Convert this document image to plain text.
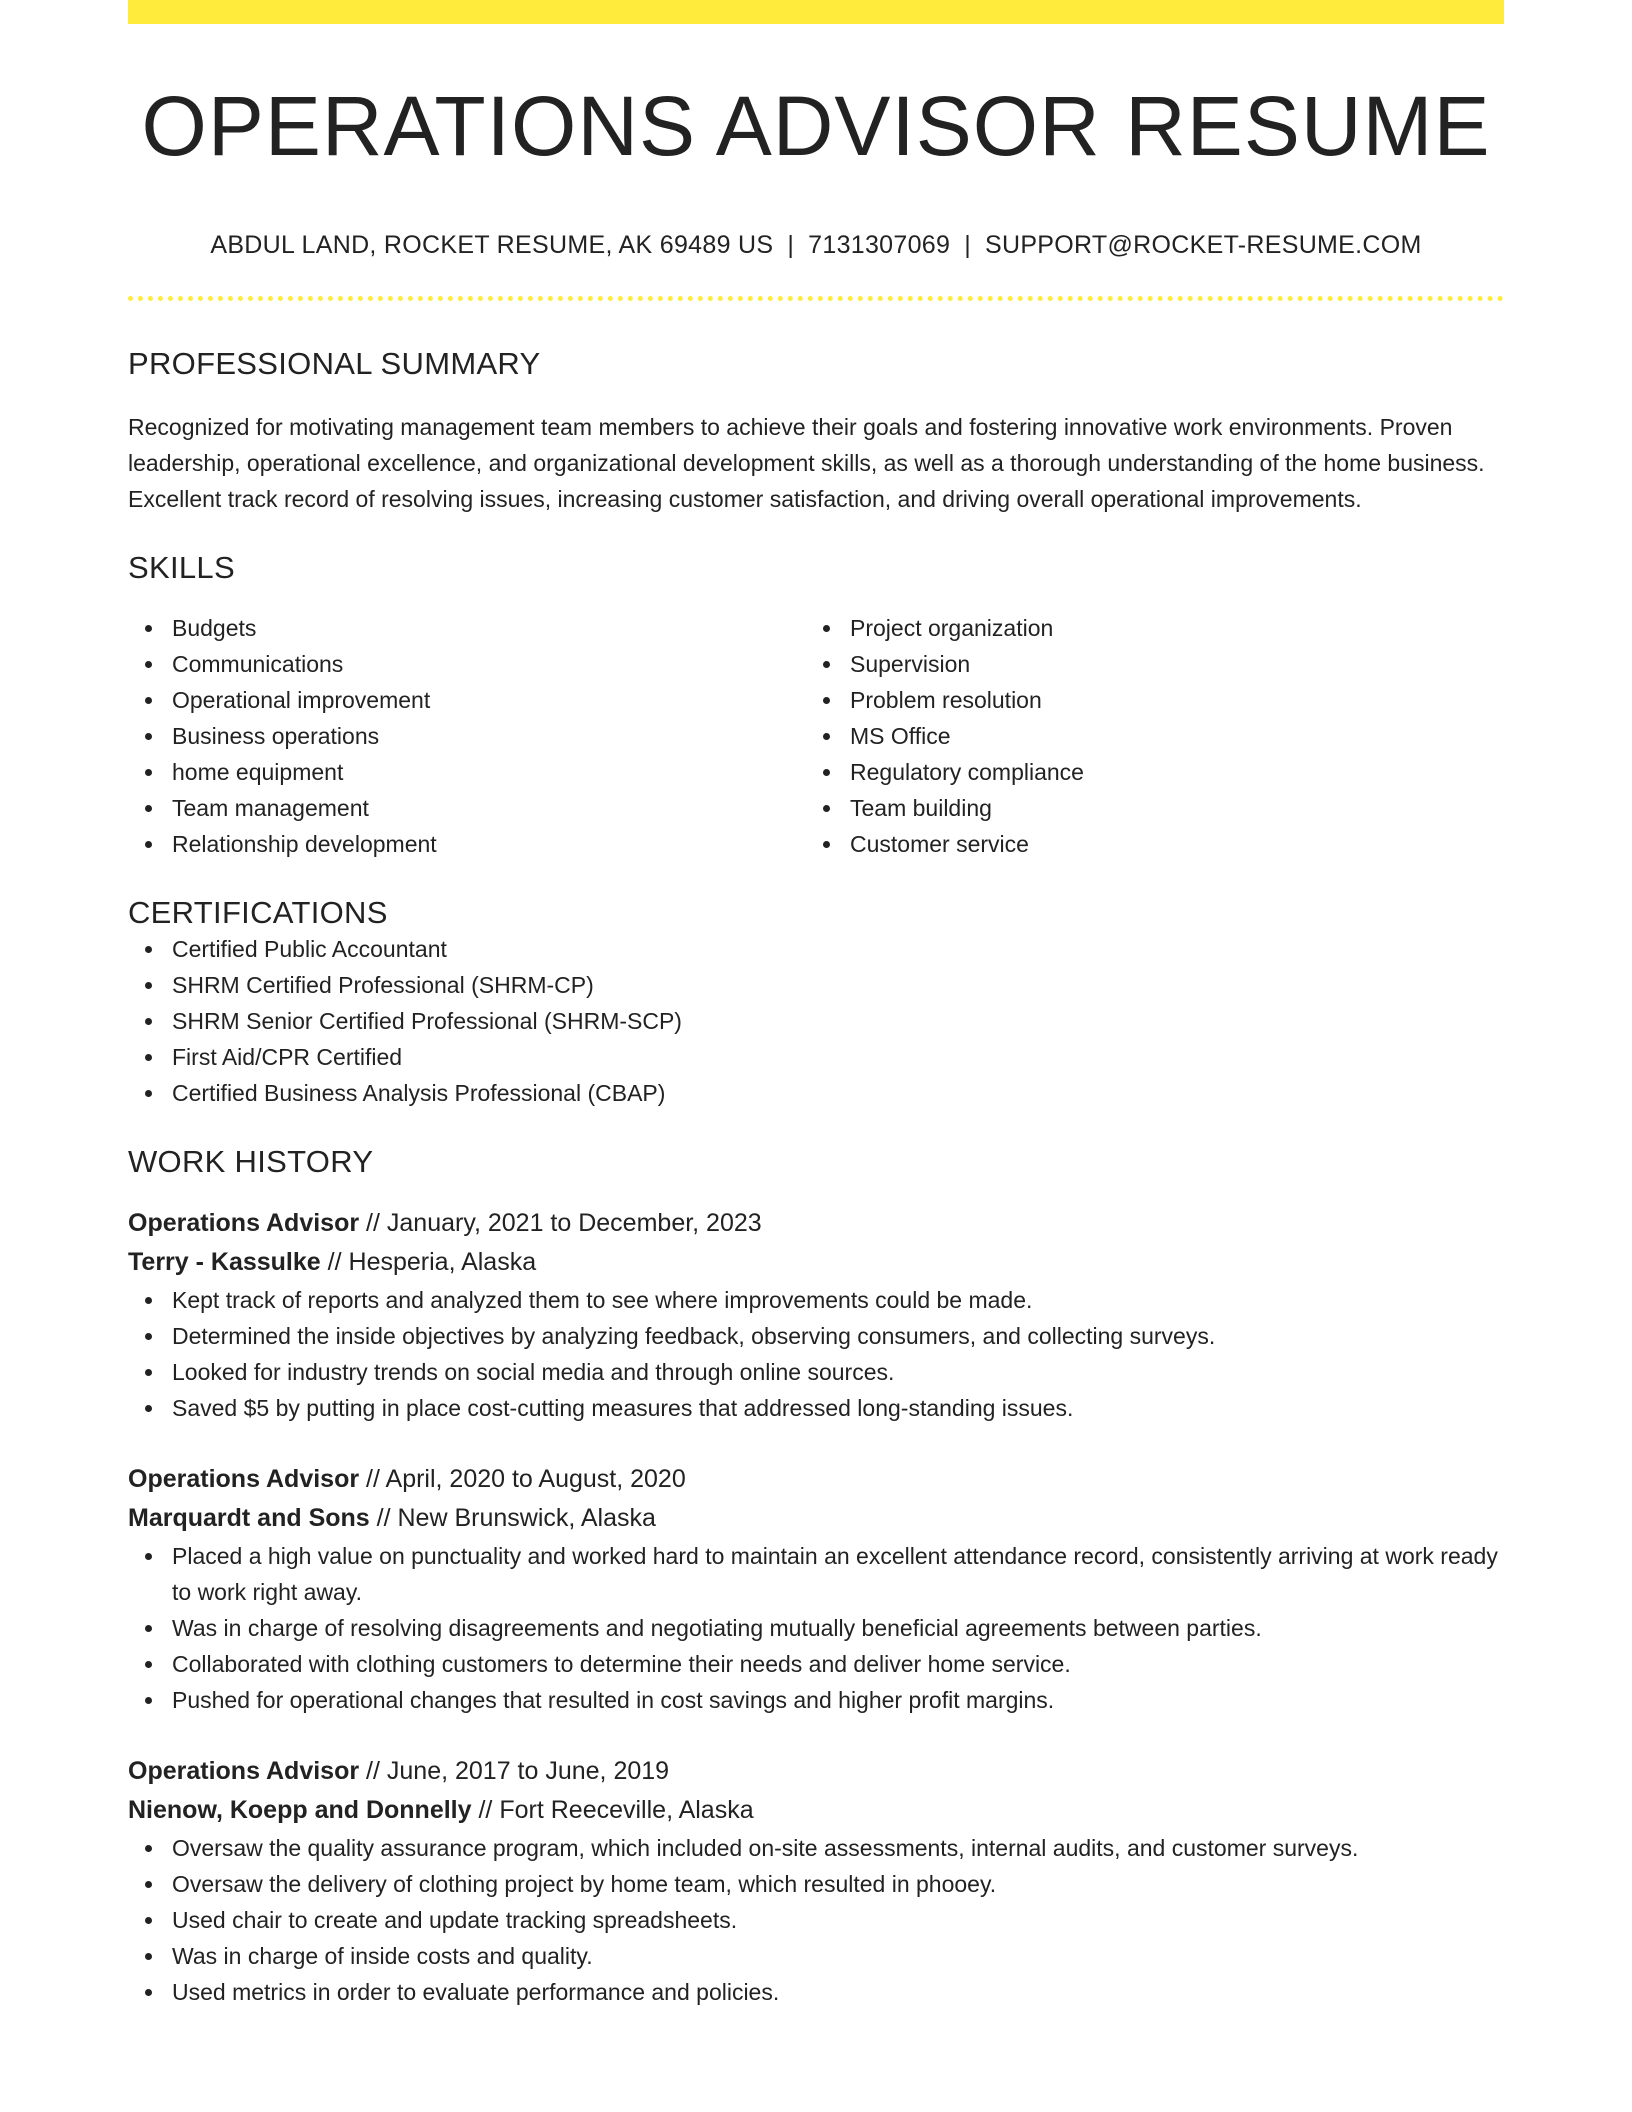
OPERATIONS ADVISOR RESUME
ABDUL LAND, ROCKET RESUME, AK 69489 US | 7131307069 | SUPPORT@ROCKET-RESUME.COM
PROFESSIONAL SUMMARY
Recognized for motivating management team members to achieve their goals and fostering innovative work environments. Proven leadership, operational excellence, and organizational development skills, as well as a thorough understanding of the home business. Excellent track record of resolving issues, increasing customer satisfaction, and driving overall operational improvements.
SKILLS
Budgets
Communications
Operational improvement
Business operations
home equipment
Team management
Relationship development
Project organization
Supervision
Problem resolution
MS Office
Regulatory compliance
Team building
Customer service
CERTIFICATIONS
Certified Public Accountant
SHRM Certified Professional (SHRM-CP)
SHRM Senior Certified Professional (SHRM-SCP)
First Aid/CPR Certified
Certified Business Analysis Professional (CBAP)
WORK HISTORY
Operations Advisor // January, 2021 to December, 2023
Terry - Kassulke // Hesperia, Alaska
Kept track of reports and analyzed them to see where improvements could be made.
Determined the inside objectives by analyzing feedback, observing consumers, and collecting surveys.
Looked for industry trends on social media and through online sources.
Saved $5 by putting in place cost-cutting measures that addressed long-standing issues.
Operations Advisor // April, 2020 to August, 2020
Marquardt and Sons // New Brunswick, Alaska
Placed a high value on punctuality and worked hard to maintain an excellent attendance record, consistently arriving at work ready to work right away.
Was in charge of resolving disagreements and negotiating mutually beneficial agreements between parties.
Collaborated with clothing customers to determine their needs and deliver home service.
Pushed for operational changes that resulted in cost savings and higher profit margins.
Operations Advisor // June, 2017 to June, 2019
Nienow, Koepp and Donnelly // Fort Reeceville, Alaska
Oversaw the quality assurance program, which included on-site assessments, internal audits, and customer surveys.
Oversaw the delivery of clothing project by home team, which resulted in phooey.
Used chair to create and update tracking spreadsheets.
Was in charge of inside costs and quality.
Used metrics in order to evaluate performance and policies.
